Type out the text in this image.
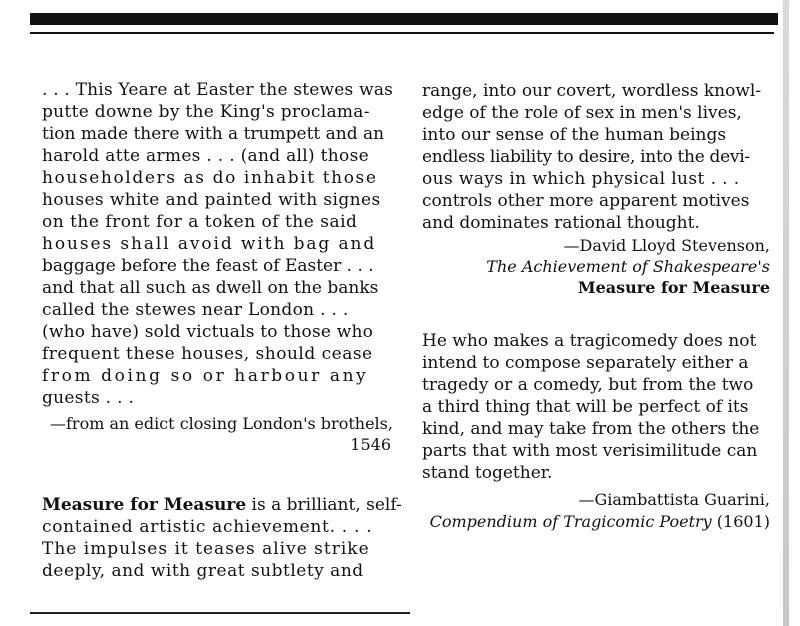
. . . This Yeare at Easter the stewes was
putte downe by the King's proclama-
tion made there with a trumpett and an
harold atte armes . . . (and all) those
householders as do inhabit those
houses white and painted with signes
on the front for a token of the said
houses shall avoid with bag and
baggage before the feast of Easter . . .
and that all such as dwell on the banks
called the stewes near London . . .
(who have) sold victuals to those who
frequent these houses, should cease
from doing so or harbour any
guests . . .
—from an edict closing London's brothels,
1546
Measure for Measure is a brilliant, self-
contained artistic achievement. . . .
The impulses it teases alive strike
deeply, and with great subtlety and
range, into our covert, wordless knowl-
edge of the role of sex in men's lives,
into our sense of the human beings
endless liability to desire, into the devi-
ous ways in which physical lust . . .
controls other more apparent motives
and dominates rational thought.
—David Lloyd Stevenson,
The Achievement of Shakespeare's
Measure for Measure
He who makes a tragicomedy does not
intend to compose separately either a
tragedy or a comedy, but from the two
a third thing that will be perfect of its
kind, and may take from the others the
parts that with most verisimilitude can
stand together.
—Giambattista Guarini,
Compendium of Tragicomic Poetry (1601)
